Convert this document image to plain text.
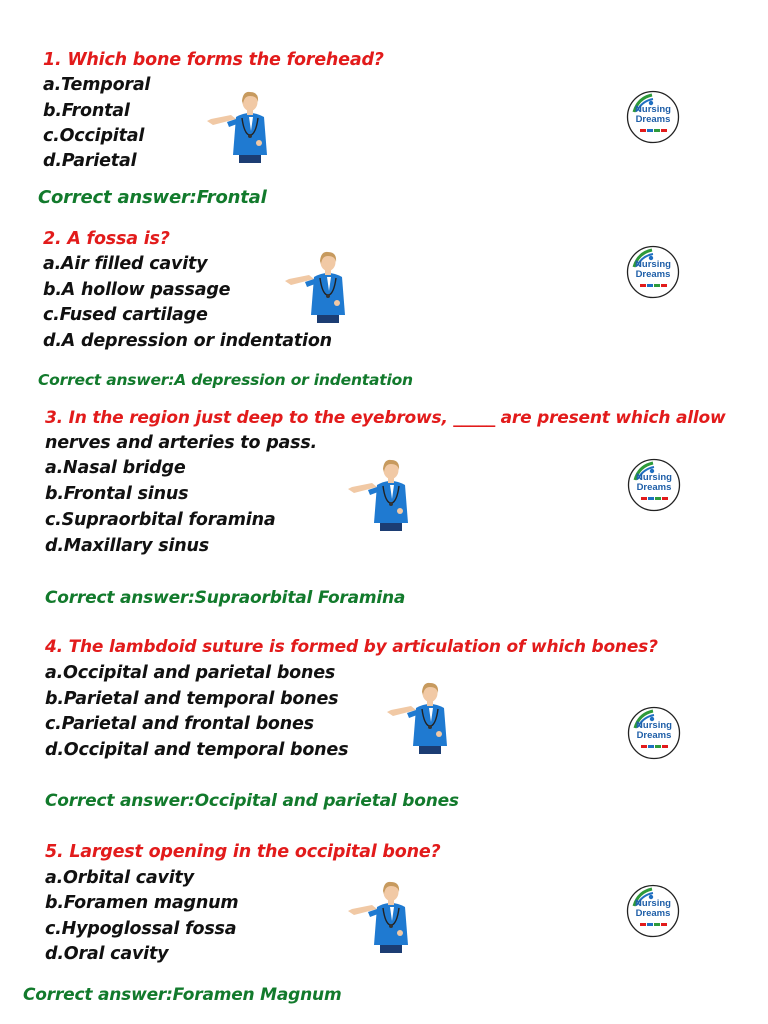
1. Which bone forms the forehead?
a.Temporal
b.Frontal
c.Occipital
d.Parietal
Correct answer:Frontal
Nursing
Dreams
2. A fossa is?
a.Air filled cavity
b.A hollow passage
c.Fused cartilage
d.A depression or indentation
Correct answer:A depression or indentation
Nursing
Dreams
3. In the region just deep to the eyebrows, _____ are present which allow
nerves and arteries to pass.
a.Nasal bridge
b.Frontal sinus
c.Supraorbital foramina
d.Maxillary sinus
Correct answer:Supraorbital Foramina
Nursing
Dreams
4. The lambdoid suture is formed by articulation of which bones?
a.Occipital and parietal bones
b.Parietal and temporal bones
c.Parietal and frontal bones
d.Occipital and temporal bones
Correct answer:Occipital and parietal bones
Nursing
Dreams
5. Largest opening in the occipital bone?
a.Orbital cavity
b.Foramen magnum
c.Hypoglossal fossa
d.Oral cavity
Correct answer:Foramen Magnum
Nursing
Dreams
